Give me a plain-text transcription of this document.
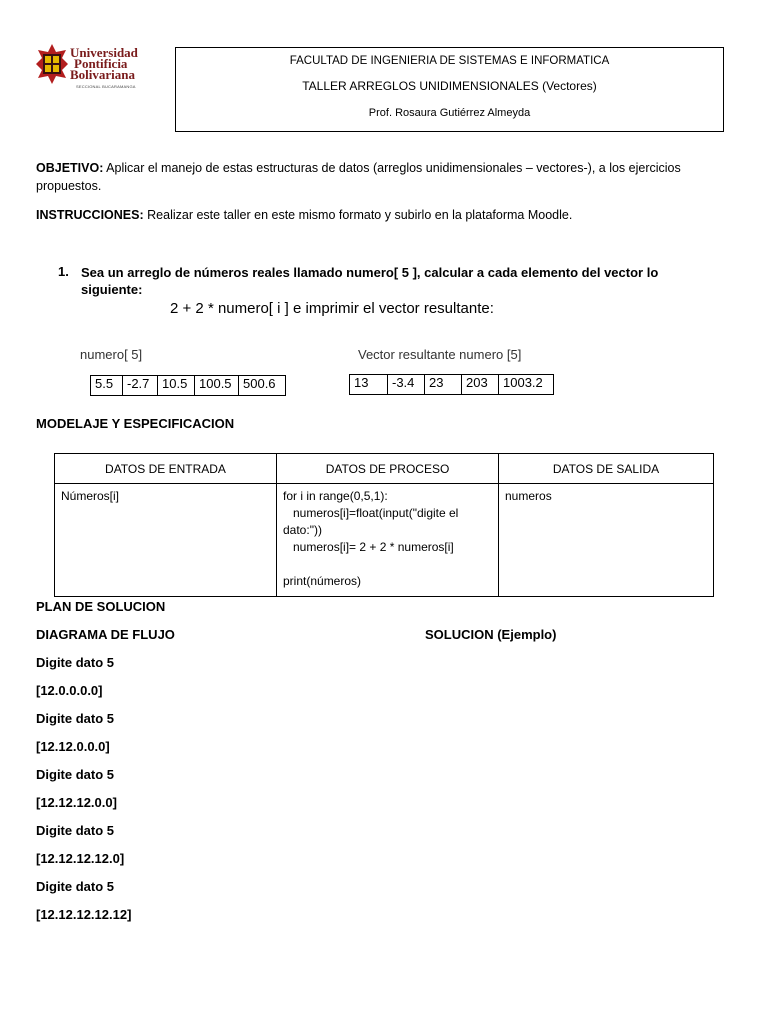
Universidad
Pontificia
Bolivariana
SECCIONAL BUCARAMANGA
FACULTAD DE INGENIERIA DE SISTEMAS E INFORMATICA
TALLER ARREGLOS UNIDIMENSIONALES (Vectores)
Prof. Rosaura Gutiérrez Almeyda
OBJETIVO: Aplicar el manejo de estas estructuras de datos (arreglos unidimensionales – vectores-), a los ejercicios
propuestos.
INSTRUCCIONES: Realizar este taller en este mismo formato y subirlo en la plataforma Moodle.
1. Sea un arreglo de números reales llamado numero[ 5 ], calcular a cada elemento del vector lo
siguiente:
2 + 2 * numero[ i ] e imprimir el vector resultante:
numero[ 5]
5.5	-2.7	10.5	100.5	500.6
Vector resultante numero [5]
13	-3.4	23	203	1003.2
MODELAJE Y ESPECIFICACION
DATOS DE ENTRADA	DATOS DE PROCESO	DATOS DE SALIDA
Números[i]	for i in range(0,5,1):
numeros[i]=float(input("digite el
dato:"))
numeros[i]= 2 + 2 * numeros[i]
print(números)	numeros
PLAN DE SOLUCION
DIAGRAMA DE FLUJO	SOLUCION (Ejemplo)
Digite dato 5
[12.0.0.0.0]
Digite dato 5
[12.12.0.0.0]
Digite dato 5
[12.12.12.0.0]
Digite dato 5
[12.12.12.12.0]
Digite dato 5
[12.12.12.12.12]
